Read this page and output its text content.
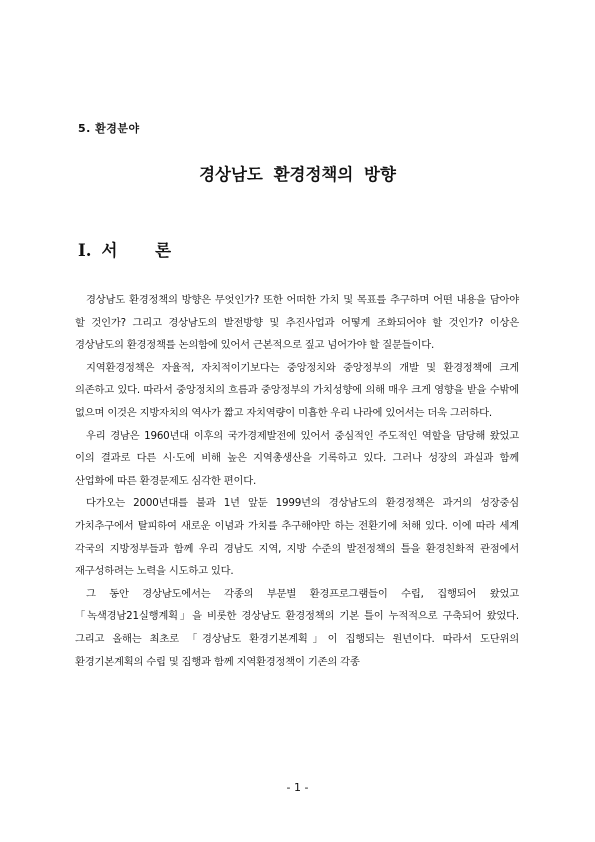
5. 환경분야
경상남도 환경정책의 방향
Ⅰ. 서 론

경상남도 환경정책의 방향은 무엇인가? 또한 어떠한 가치 및 목표를 추구하며 어떤 내용을 담아야 할 것인가? 그리고 경상남도의 발전방향 및 추진사업과 어떻게 조화되어야 할 것인가? 이상은 경상남도의 환경정책를 논의함에 있어서 근본적으로 짚고 넘어가야 할 질문들이다.

지역환경정책은 자율적, 자치적이기보다는 중앙정치와 중앙정부의 개발 및 환경정책에 크게 의존하고 있다. 따라서 중앙정치의 흐름과 중앙정부의 가치성향에 의해 매우 크게 영향을 받을 수밖에 없으며 이것은 지방자치의 역사가 짧고 자치역량이 미흡한 우리 나라에 있어서는 더욱 그러하다.

우리 경남은 1960년대 이후의 국가경제발전에 있어서 중심적인 주도적인 역할을 담당해 왔었고 이의 결과로 다른 시·도에 비해 높은 지역총생산을 기록하고 있다. 그러나 성장의 과실과 함께 산업화에 따른 환경문제도 심각한 편이다.

다가오는 2000년대를 불과 1년 앞둔 1999년의 경상남도의 환경정책은 과거의 성장중심 가치추구에서 탈피하여 새로운 이념과 가치를 추구해야만 하는 전환기에 처해 있다. 이에 따라 세계 각국의 지방정부들과 함께 우리 경남도 지역, 지방 수준의 발전정책의 틀을 환경친화적 관점에서 재구성하려는 노력을 시도하고 있다.

그 동안 경상남도에서는 각종의 부문별 환경프로그램들이 수립, 집행되어 왔었고 「녹색경남21실행계획」을 비롯한 경상남도 환경정책의 기본 틀이 누적적으로 구축되어 왔었다. 그리고 올해는 최초로 「경상남도 환경기본계획」이 집행되는 원년이다. 따라서 도단위의 환경기본계획의 수립 및 집행과 함께 지역환경정책이 기존의 각종

- 1 -
